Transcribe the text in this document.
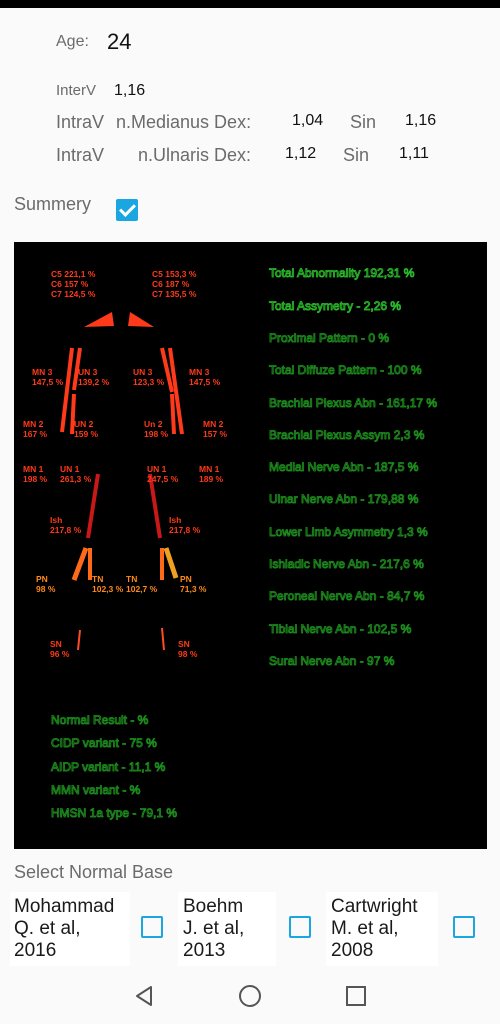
Age: 24
InterV 1,16
IntraV n.Medianus Dex:	1,04 Sin 1,16
IntraV n.Ulnaris Dex: 1,12 Sin 1,11
Summery
C5 221,1 %
C6 157 %
C7 124,5 %
C5 153,3 %
C6 187 %
C7 135,5 %
MN 3
147,5 %
UN 3
139,2 %
UN 3
123,3 %
MN 3
147,5 %
MN 2
167 %
UN 2
159 %
Un 2
198 %
MN 2
157 %
MN 1
198 %
UN 1
261,3 %
UN 1
247,5 %
MN 1
189 %
Ish
217,8 %
Ish
217,8 %
PN
98 %
TN
102,3 %
TN
102,7 %
PN
71,3 %
SN
96 %
SN
98 %
Total Abnormality 192,31 %
Total Assymetry - 2,26 %
Proximal Pattern - 0 %
Total Diffuze Pattern - 100 %
Brachial Plexus Abn - 161,17 %
Brachial Plexus Assym 2,3 %
Medial Nerve Abn - 187,5 %
Ulnar Nerve Abn - 179,88 %
Lower Limb Asymmetry 1,3 %
Ishiadic Nerve Abn - 217,6 %
Peroneal Nerve Abn - 84,7 %
Tibial Nerve Abn - 102,5 %
Sural Nerve Abn - 97 %
Normal Result - %
CIDP variant - 75 %
AIDP variant - 11,1 %
MMN variant - %
HMSN 1a type - 79,1 %
Select Normal Base
Mohammad
Q. et al,
2016
Boehm
J. et al,
2013
Cartwright
M. et al,
2008
